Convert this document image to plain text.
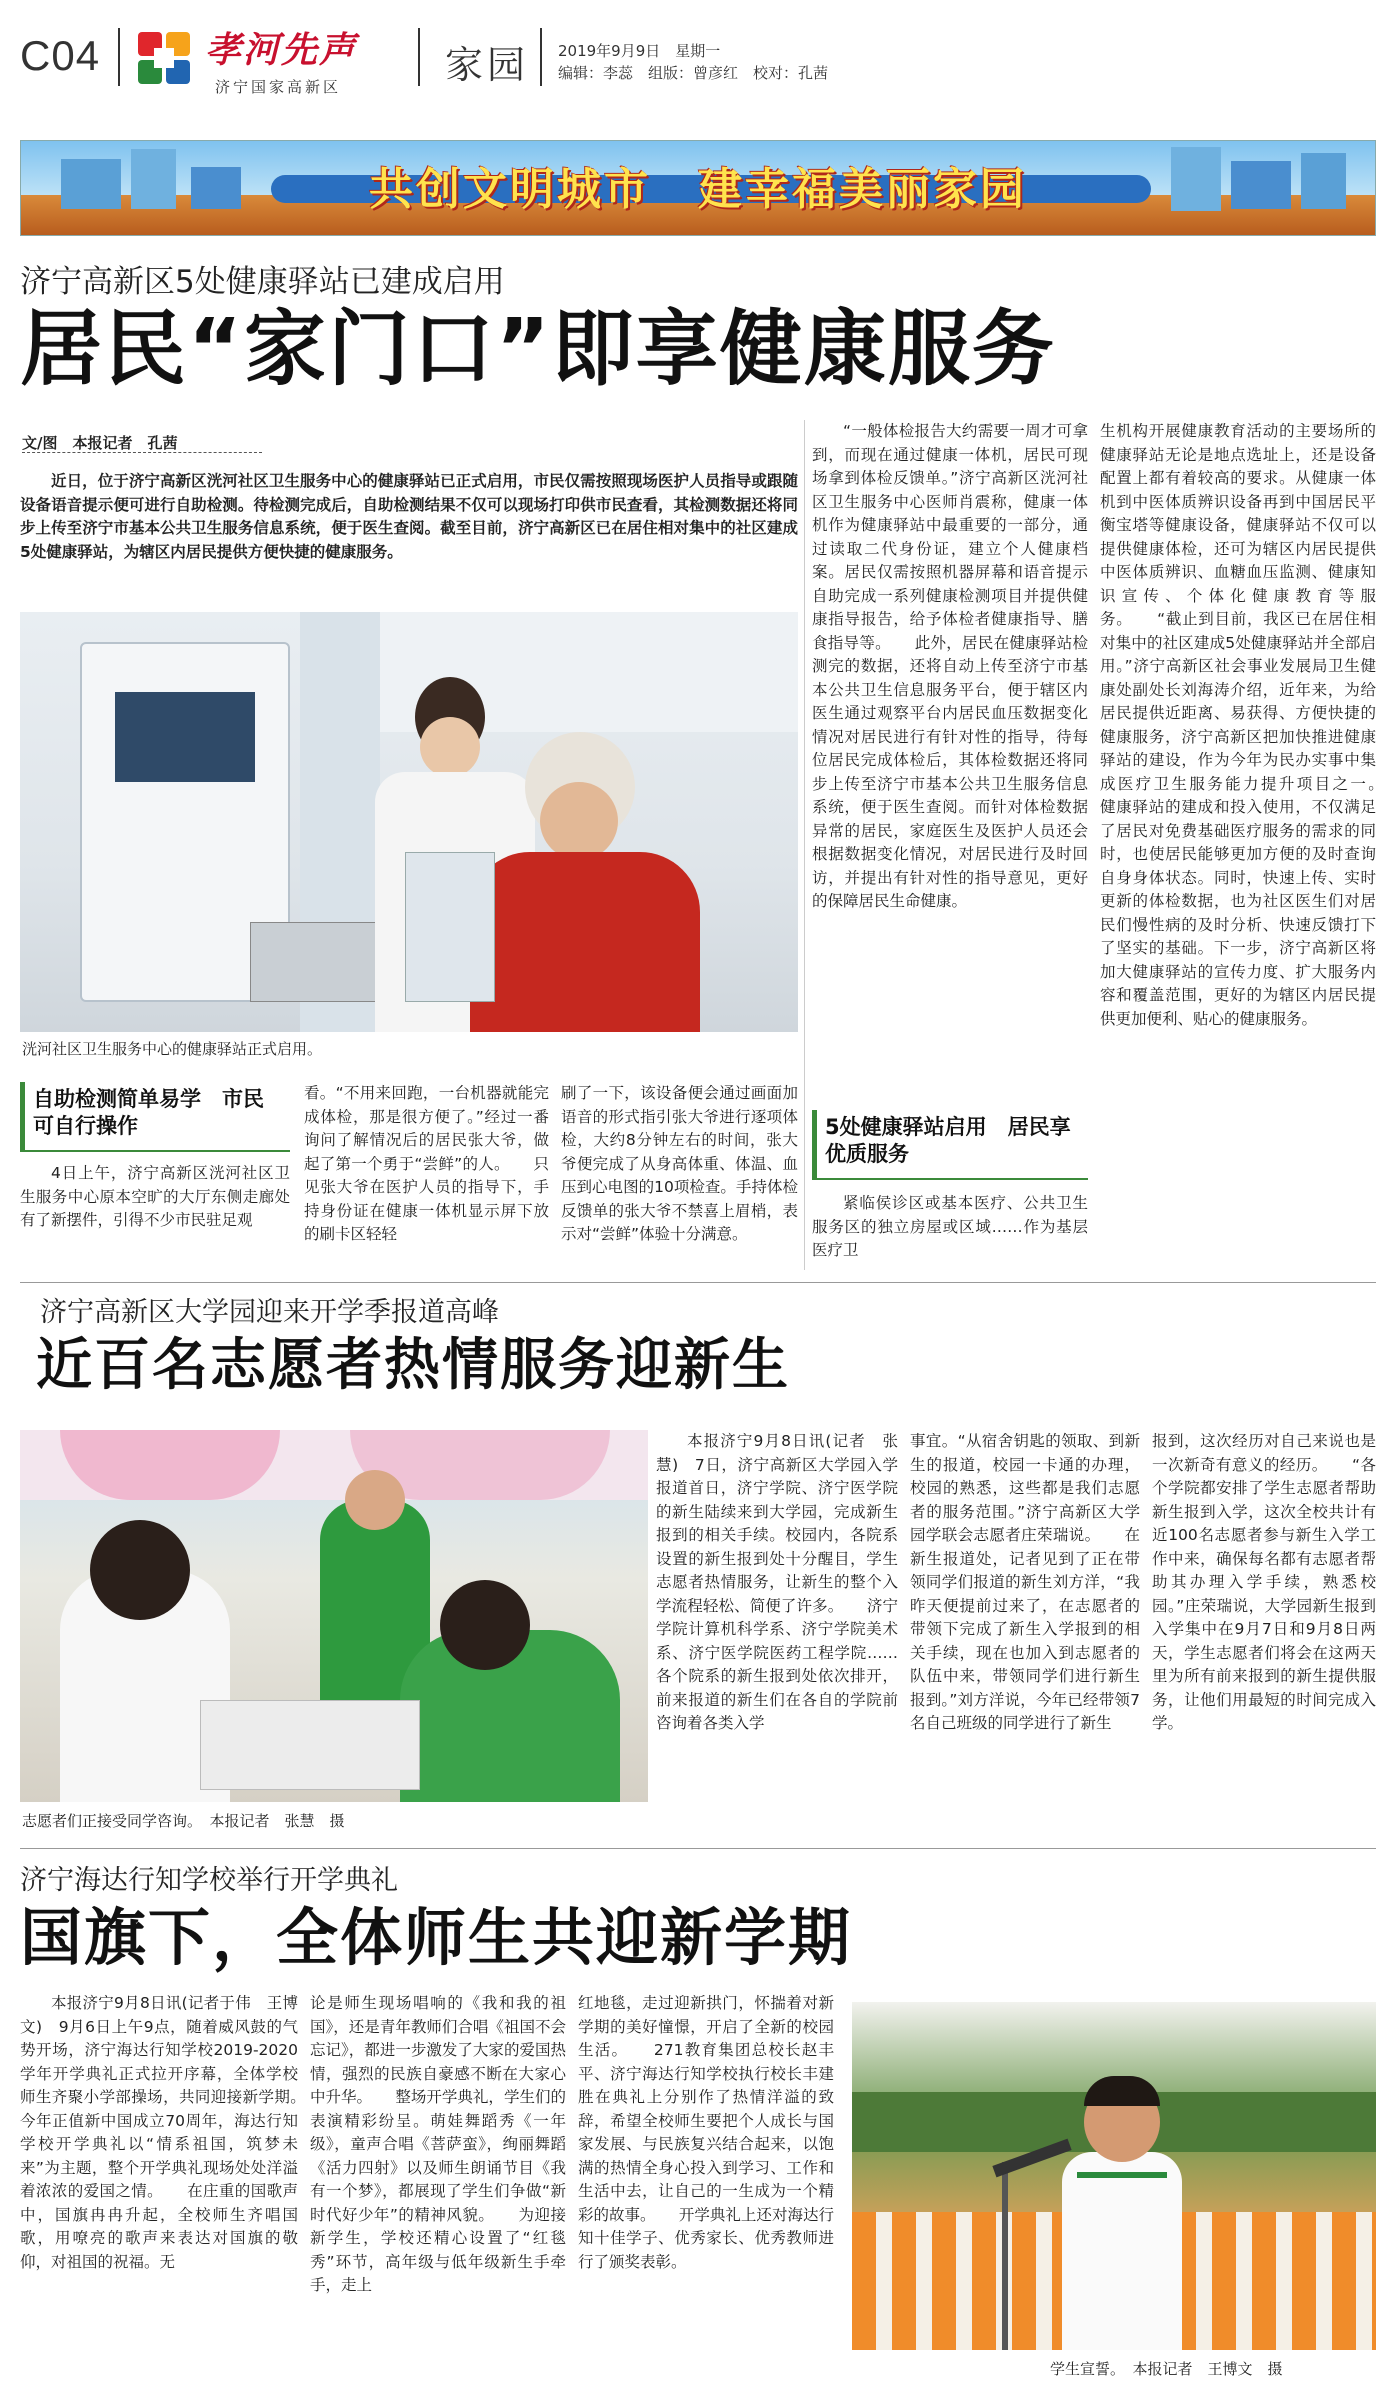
C04	孝河先声
济宁国家高新区	家园 2019年9月9日　星期一
编辑：李蕊　组版：曾彦红　校对：孔茜
共创文明城市　建幸福美丽家园
济宁高新区5处健康驿站已建成启用
居民“家门口”即享健康服务
文/图　本报记者　孔茜
近日，位于济宁高新区洸河社区卫生服务中心的健康驿站已正式启用，市民仅需按照现场医护人员指导或跟随设备语音提示便可进行自助检测。待检测完成后，自助检测结果不仅可以现场打印供市民查看，其检测数据还将同步上传至济宁市基本公共卫生服务信息系统，便于医生查阅。截至目前，济宁高新区已在居住相对集中的社区建成5处健康驿站，为辖区内居民提供方便快捷的健康服务。
洸河社区卫生服务中心的健康驿站正式启用。
自助检测简单易学　市民可自行操作
4日上午，济宁高新区洸河社区卫生服务中心原本空旷的大厅东侧走廊处有了新摆件，引得不少市民驻足观
看。“不用来回跑，一台机器就能完成体检，那是很方便了。”经过一番询问了解情况后的居民张大爷，做起了第一个勇于“尝鲜”的人。　　只见张大爷在医护人员的指导下，手持身份证在健康一体机显示屏下放的刷卡区轻轻
刷了一下，该设备便会通过画面加语音的形式指引张大爷进行逐项体检，大约8分钟左右的时间，张大爷便完成了从身高体重、体温、血压到心电图的10项检查。手持体检反馈单的张大爷不禁喜上眉梢，表示对“尝鲜”体验十分满意。
“一般体检报告大约需要一周才可拿到，而现在通过健康一体机，居民可现场拿到体检反馈单。”济宁高新区洸河社区卫生服务中心医师肖震称，健康一体机作为健康驿站中最重要的一部分，通过读取二代身份证，建立个人健康档案。居民仅需按照机器屏幕和语音提示自助完成一系列健康检测项目并提供健康指导报告，给予体检者健康指导、膳食指导等。　　此外，居民在健康驿站检测完的数据，还将自动上传至济宁市基本公共卫生信息服务平台，便于辖区内医生通过观察平台内居民血压数据变化情况对居民进行有针对性的指导，待每位居民完成体检后，其体检数据还将同步上传至济宁市基本公共卫生服务信息系统，便于医生查阅。而针对体检数据异常的居民，家庭医生及医护人员还会根据数据变化情况，对居民进行及时回访，并提出有针对性的指导意见，更好的保障居民生命健康。
5处健康驿站启用　居民享优质服务
紧临侯诊区或基本医疗、公共卫生服务区的独立房屋或区域……作为基层医疗卫
生机构开展健康教育活动的主要场所的健康驿站无论是地点选址上，还是设备配置上都有着较高的要求。从健康一体机到中医体质辨识设备再到中国居民平衡宝塔等健康设备，健康驿站不仅可以提供健康体检，还可为辖区内居民提供中医体质辨识、血糖血压监测、健康知识宣传、个体化健康教育等服务。　　“截止到目前，我区已在居住相对集中的社区建成5处健康驿站并全部启用。”济宁高新区社会事业发展局卫生健康处副处长刘海涛介绍，近年来，为给居民提供近距离、易获得、方便快捷的健康服务，济宁高新区把加快推进健康驿站的建设，作为今年为民办实事中集成医疗卫生服务能力提升项目之一。　　健康驿站的建成和投入使用，不仅满足了居民对免费基础医疗服务的需求的同时，也使居民能够更加方便的及时查询自身身体状态。同时，快速上传、实时更新的体检数据，也为社区医生们对居民们慢性病的及时分析、快速反馈打下了坚实的基础。下一步，济宁高新区将加大健康驿站的宣传力度、扩大服务内容和覆盖范围，更好的为辖区内居民提供更加便利、贴心的健康服务。
济宁高新区大学园迎来开学季报道高峰
近百名志愿者热情服务迎新生
志愿者们正接受同学咨询。　本报记者　张慧　摄
本报济宁9月8日讯(记者　张慧)　7日，济宁高新区大学园入学报道首日，济宁学院、济宁医学院的新生陆续来到大学园，完成新生报到的相关手续。校园内，各院系设置的新生报到处十分醒目，学生志愿者热情服务，让新生的整个入学流程轻松、简便了许多。　　济宁学院计算机科学系、济宁学院美术系、济宁医学院医药工程学院……各个院系的新生报到处依次排开，前来报道的新生们在各自的学院前咨询着各类入学
事宜。“从宿舍钥匙的领取、到新生的报道，校园一卡通的办理，校园的熟悉，这些都是我们志愿者的服务范围。”济宁高新区大学园学联会志愿者庄荣瑞说。　　在新生报道处，记者见到了正在带领同学们报道的新生刘方洋，“我昨天便提前过来了，在志愿者的带领下完成了新生入学报到的相关手续，现在也加入到志愿者的队伍中来，带领同学们进行新生报到。”刘方洋说，今年已经带领7名自己班级的同学进行了新生
报到，这次经历对自己来说也是一次新奇有意义的经历。　　“各个学院都安排了学生志愿者帮助新生报到入学，这次全校共计有近100名志愿者参与新生入学工作中来，确保每名都有志愿者帮助其办理入学手续，熟悉校园。”庄荣瑞说，大学园新生报到入学集中在9月7日和9月8日两天，学生志愿者们将会在这两天里为所有前来报到的新生提供服务，让他们用最短的时间完成入学。
济宁海达行知学校举行开学典礼
国旗下，全体师生共迎新学期
本报济宁9月8日讯(记者于伟　王博文)　9月6日上午9点，随着威风鼓的气势开场，济宁海达行知学校2019-2020学年开学典礼正式拉开序幕，全体学校师生齐聚小学部操场，共同迎接新学期。　　今年正值新中国成立70周年，海达行知学校开学典礼以“情系祖国，筑梦未来”为主题，整个开学典礼现场处处洋溢着浓浓的爱国之情。　　在庄重的国歌声中，国旗冉冉升起，全校师生齐唱国歌，用嘹亮的歌声来表达对国旗的敬仰，对祖国的祝福。无
论是师生现场唱响的《我和我的祖国》，还是青年教师们合唱《祖国不会忘记》，都进一步激发了大家的爱国热情，强烈的民族自豪感不断在大家心中升华。　　整场开学典礼，学生们的表演精彩纷呈。萌娃舞蹈秀《一年级》，童声合唱《菩萨蛮》，绚丽舞蹈《活力四射》以及师生朗诵节目《我有一个梦》，都展现了学生们争做“新时代好少年”的精神风貌。　　为迎接新学生，学校还精心设置了“红毯秀”环节，高年级与低年级新生手牵手，走上
红地毯，走过迎新拱门，怀揣着对新学期的美好憧憬，开启了全新的校园生活。　　271教育集团总校长赵丰平、济宁海达行知学校执行校长丰建胜在典礼上分别作了热情洋溢的致辞，希望全校师生要把个人成长与国家发展、与民族复兴结合起来，以饱满的热情全身心投入到学习、工作和生活中去，让自己的一生成为一个精彩的故事。　　开学典礼上还对海达行知十佳学子、优秀家长、优秀教师进行了颁奖表彰。
学生宣誓。　本报记者　王博文　摄
